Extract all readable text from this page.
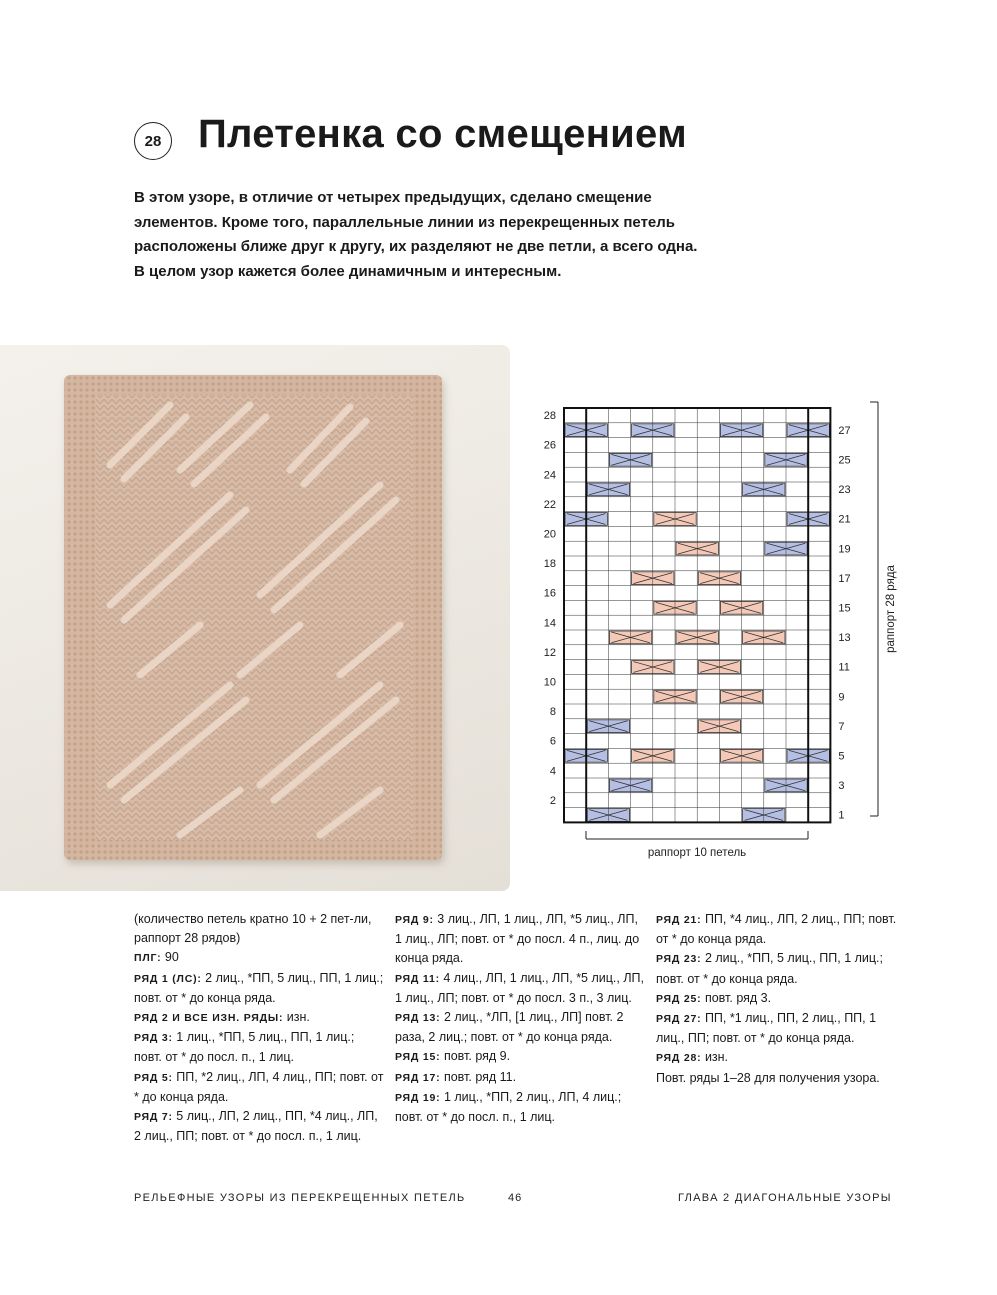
28 Плетенка со смещением

В этом узоре, в отличие от четырех предыдущих, сделано смещение элементов. Кроме того, параллельные линии из перекрещенных петель расположены ближе друг к другу, их разделяют не две петли, а всего одна. В целом узор кажется более динамичным и интересным.

28
26
24
22
20
18
16
14
12
10
8
6
4
2
27
25
23
21
19
17
15
13
11
9
7
5
3
1
раппорт 28 ряда
раппорт 10 петель

(количество петель кратно 10 + 2 пет-ли, раппорт 28 рядов)

ПЛГ: 90

РЯД 1 (ЛС): 2 лиц., *ПП, 5 лиц., ПП, 1 лиц.; повт. от * до конца ряда.

РЯД 2 И ВСЕ ИЗН. РЯДЫ: изн.

РЯД 3: 1 лиц., *ПП, 5 лиц., ПП, 1 лиц.; повт. от * до посл. п., 1 лиц.

РЯД 5: ПП, *2 лиц., ЛП, 4 лиц., ПП; повт. от * до конца ряда.

РЯД 7: 5 лиц., ЛП, 2 лиц., ПП, *4 лиц., ЛП, 2 лиц., ПП; повт. от * до посл. п., 1 лиц.

РЯД 9: 3 лиц., ЛП, 1 лиц., ЛП, *5 лиц., ЛП, 1 лиц., ЛП; повт. от * до посл. 4 п., лиц. до конца ряда.

РЯД 11: 4 лиц., ЛП, 1 лиц., ЛП, *5 лиц., ЛП, 1 лиц., ЛП; повт. от * до посл. 3 п., 3 лиц.

РЯД 13: 2 лиц., *ЛП, [1 лиц., ЛП] повт. 2 раза, 2 лиц.; повт. от * до конца ряда.

РЯД 15: повт. ряд 9.

РЯД 17: повт. ряд 11.

РЯД 19: 1 лиц., *ПП, 2 лиц., ЛП, 4 лиц.; повт. от * до посл. п., 1 лиц.

РЯД 21: ПП, *4 лиц., ЛП, 2 лиц., ПП; повт. от * до конца ряда.

РЯД 23: 2 лиц., *ПП, 5 лиц., ПП, 1 лиц.; повт. от * до конца ряда.

РЯД 25: повт. ряд 3.

РЯД 27: ПП, *1 лиц., ПП, 2 лиц., ПП, 1 лиц., ПП; повт. от * до конца ряда.

РЯД 28: изн.

Повт. ряды 1–28 для получения узора.

РЕЛЬЕФНЫЕ УЗОРЫ ИЗ ПЕРЕКРЕЩЕННЫХ ПЕТЕЛЬ	46	ГЛАВА 2 ДИАГОНАЛЬНЫЕ УЗОРЫ
